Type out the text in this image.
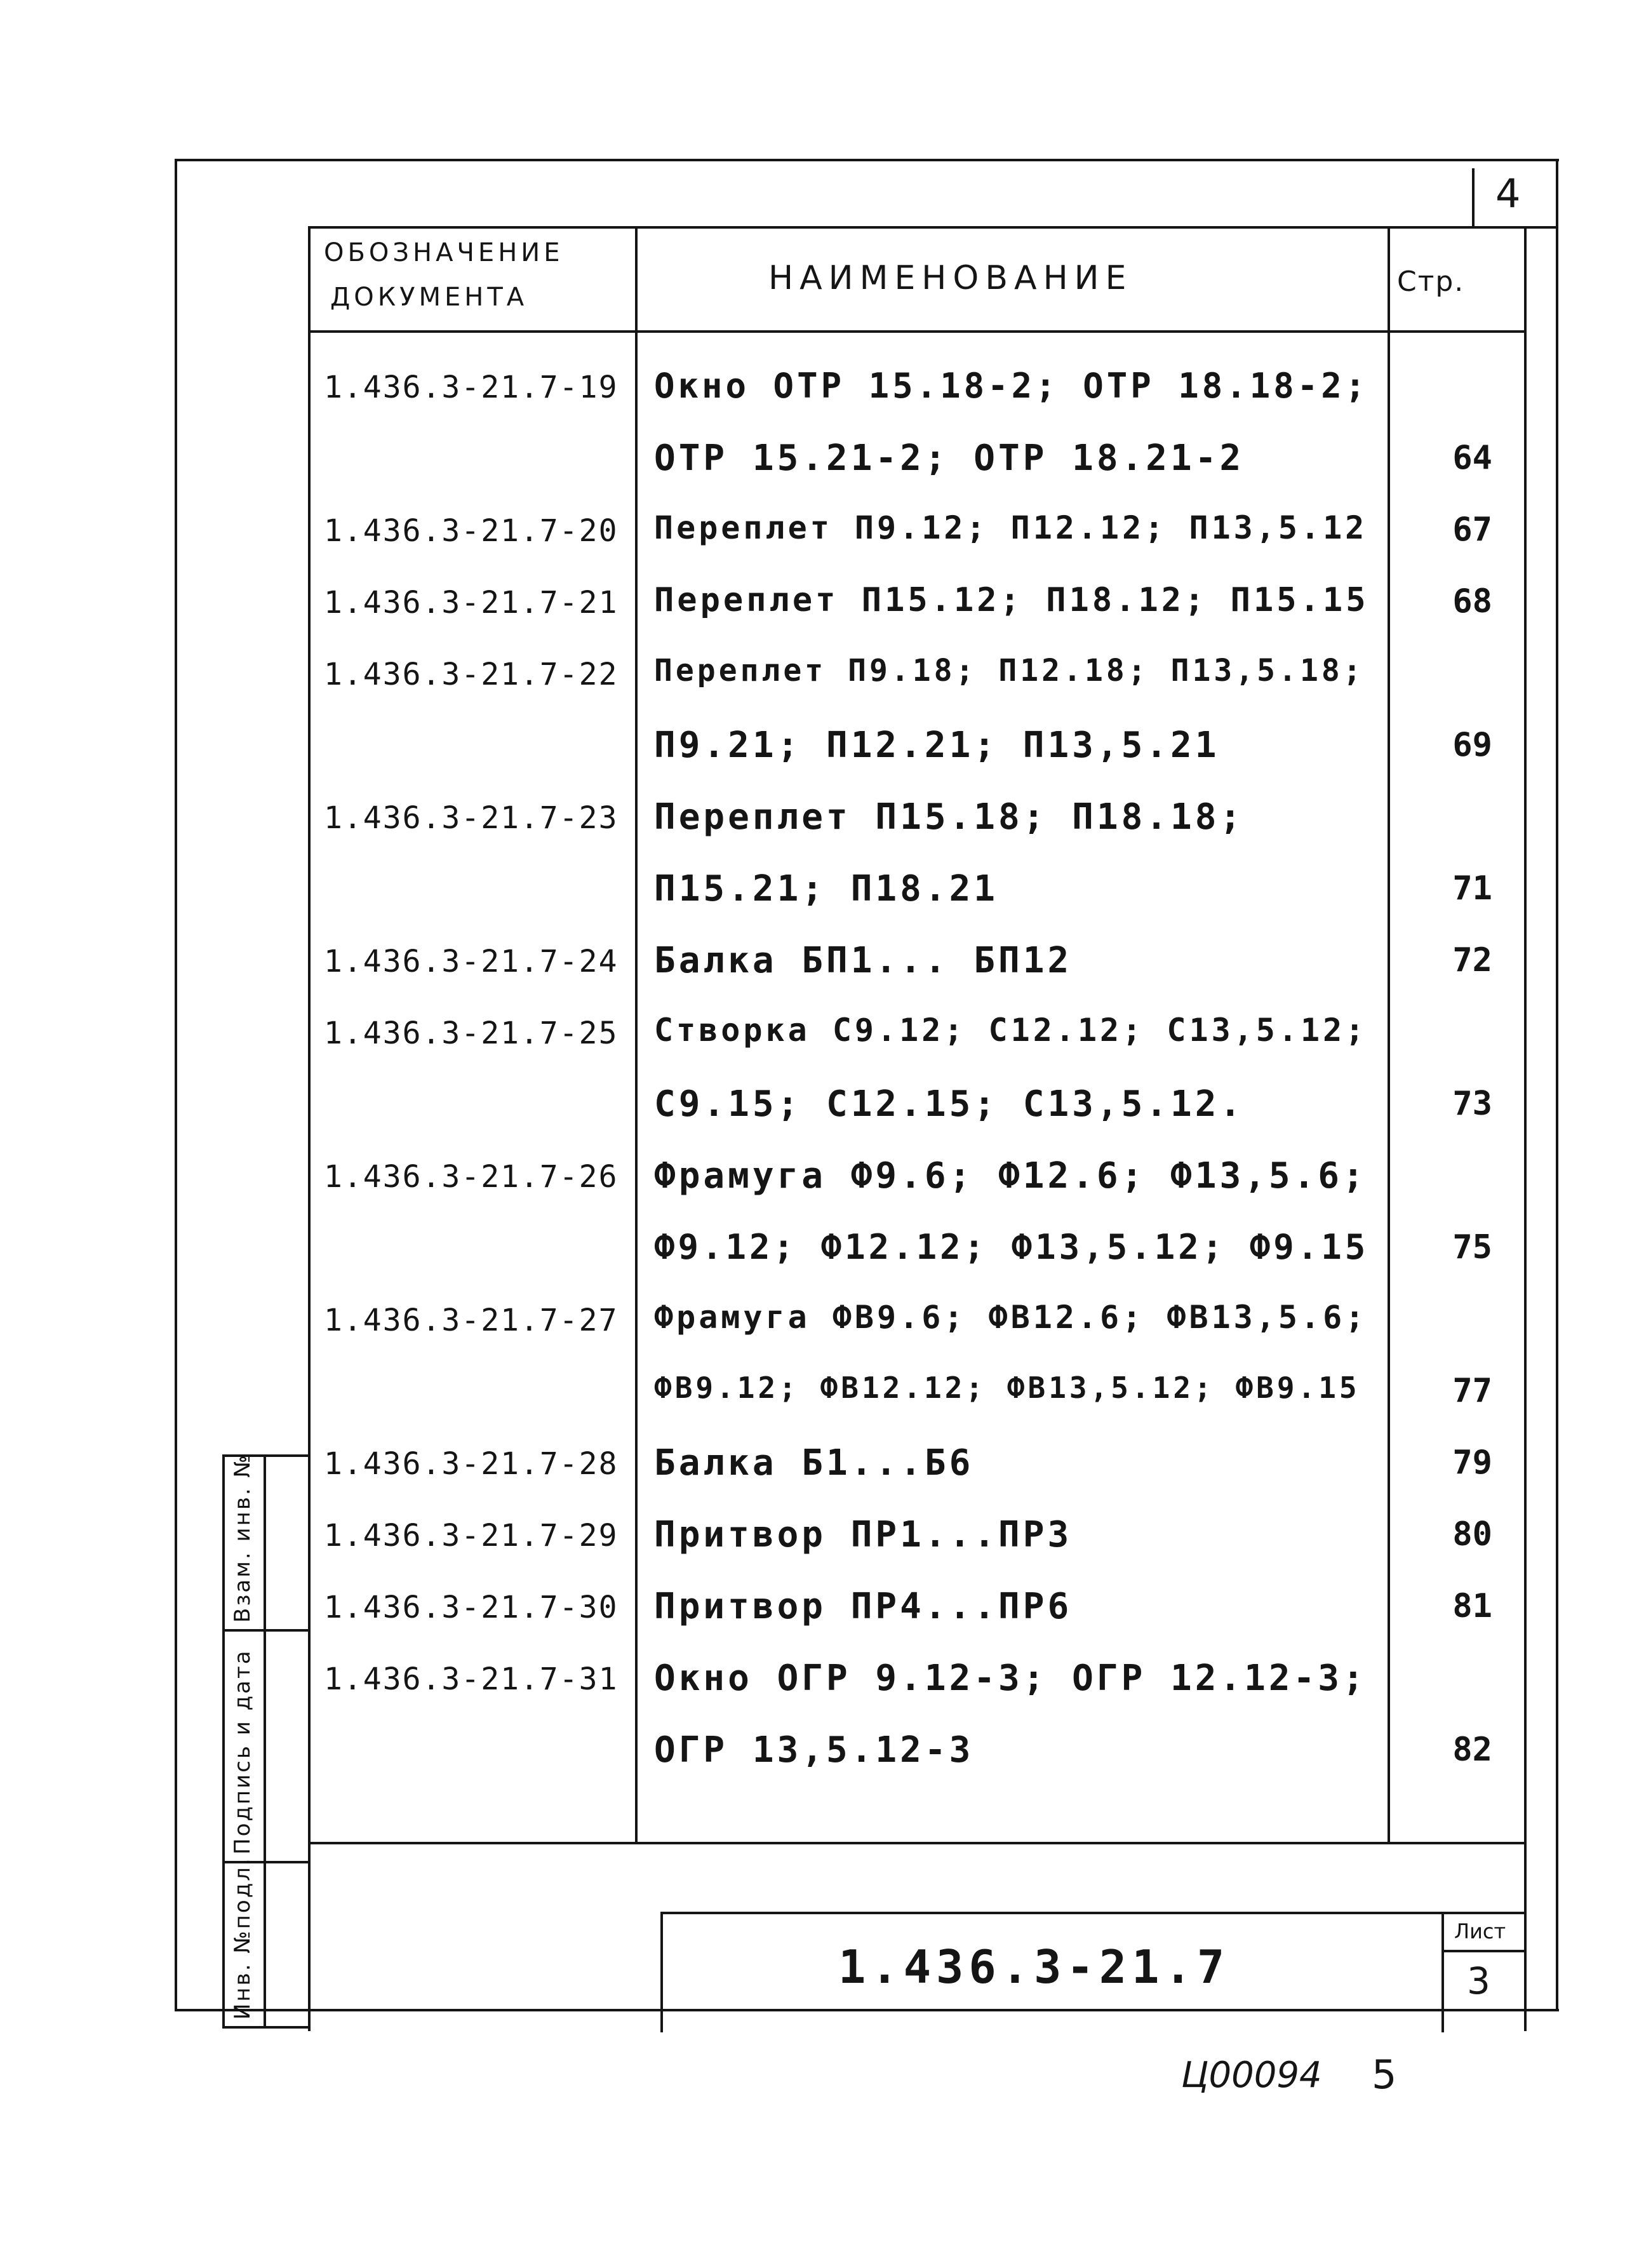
4
ОБОЗНАЧЕНИЕ
ДОКУМЕНТА	НАИМЕНОВАНИЕ	Стр.
1.436.3-21.7-19 Окно ОТР 15.18-2; ОТР 18.18-2;
ОТР 15.21-2; ОТР 18.21-2	64
1.436.3-21.7-20 Переплет П9.12; П12.12; П13,5.12	67
1.436.3-21.7-21 Переплет П15.12; П18.12; П15.15	68
1.436.3-21.7-22 Переплет П9.18; П12.18; П13,5.18;
П9.21; П12.21; П13,5.21	69
1.436.3-21.7-23 Переплет П15.18; П18.18;
П15.21; П18.21	71
1.436.3-21.7-24 Балка БП1... БП12	72
1.436.3-21.7-25 Створка С9.12; С12.12; С13,5.12;
С9.15; С12.15; С13,5.12.	73
1.436.3-21.7-26 Фрамуга Ф9.6; Ф12.6; Ф13,5.6;
Ф9.12; Ф12.12; Ф13,5.12; Ф9.15	75
1.436.3-21.7-27 Фрамуга ФВ9.6; ФВ12.6; ФВ13,5.6;
ФВ9.12; ФВ12.12; ФВ13,5.12; ФВ9.15	77
1.436.3-21.7-28 Балка Б1...Б6	79
1.436.3-21.7-29 Притвор ПР1...ПР3	80
1.436.3-21.7-30 Притвор ПР4...ПР6	81
1.436.3-21.7-31 Окно ОГР 9.12-3; ОГР 12.12-3;
ОГР 13,5.12-3	82
Взам. инв. №
Подпись и дата
Инв. №подл.	1.436.3-21.7
Лист
3
Ц00094 5
